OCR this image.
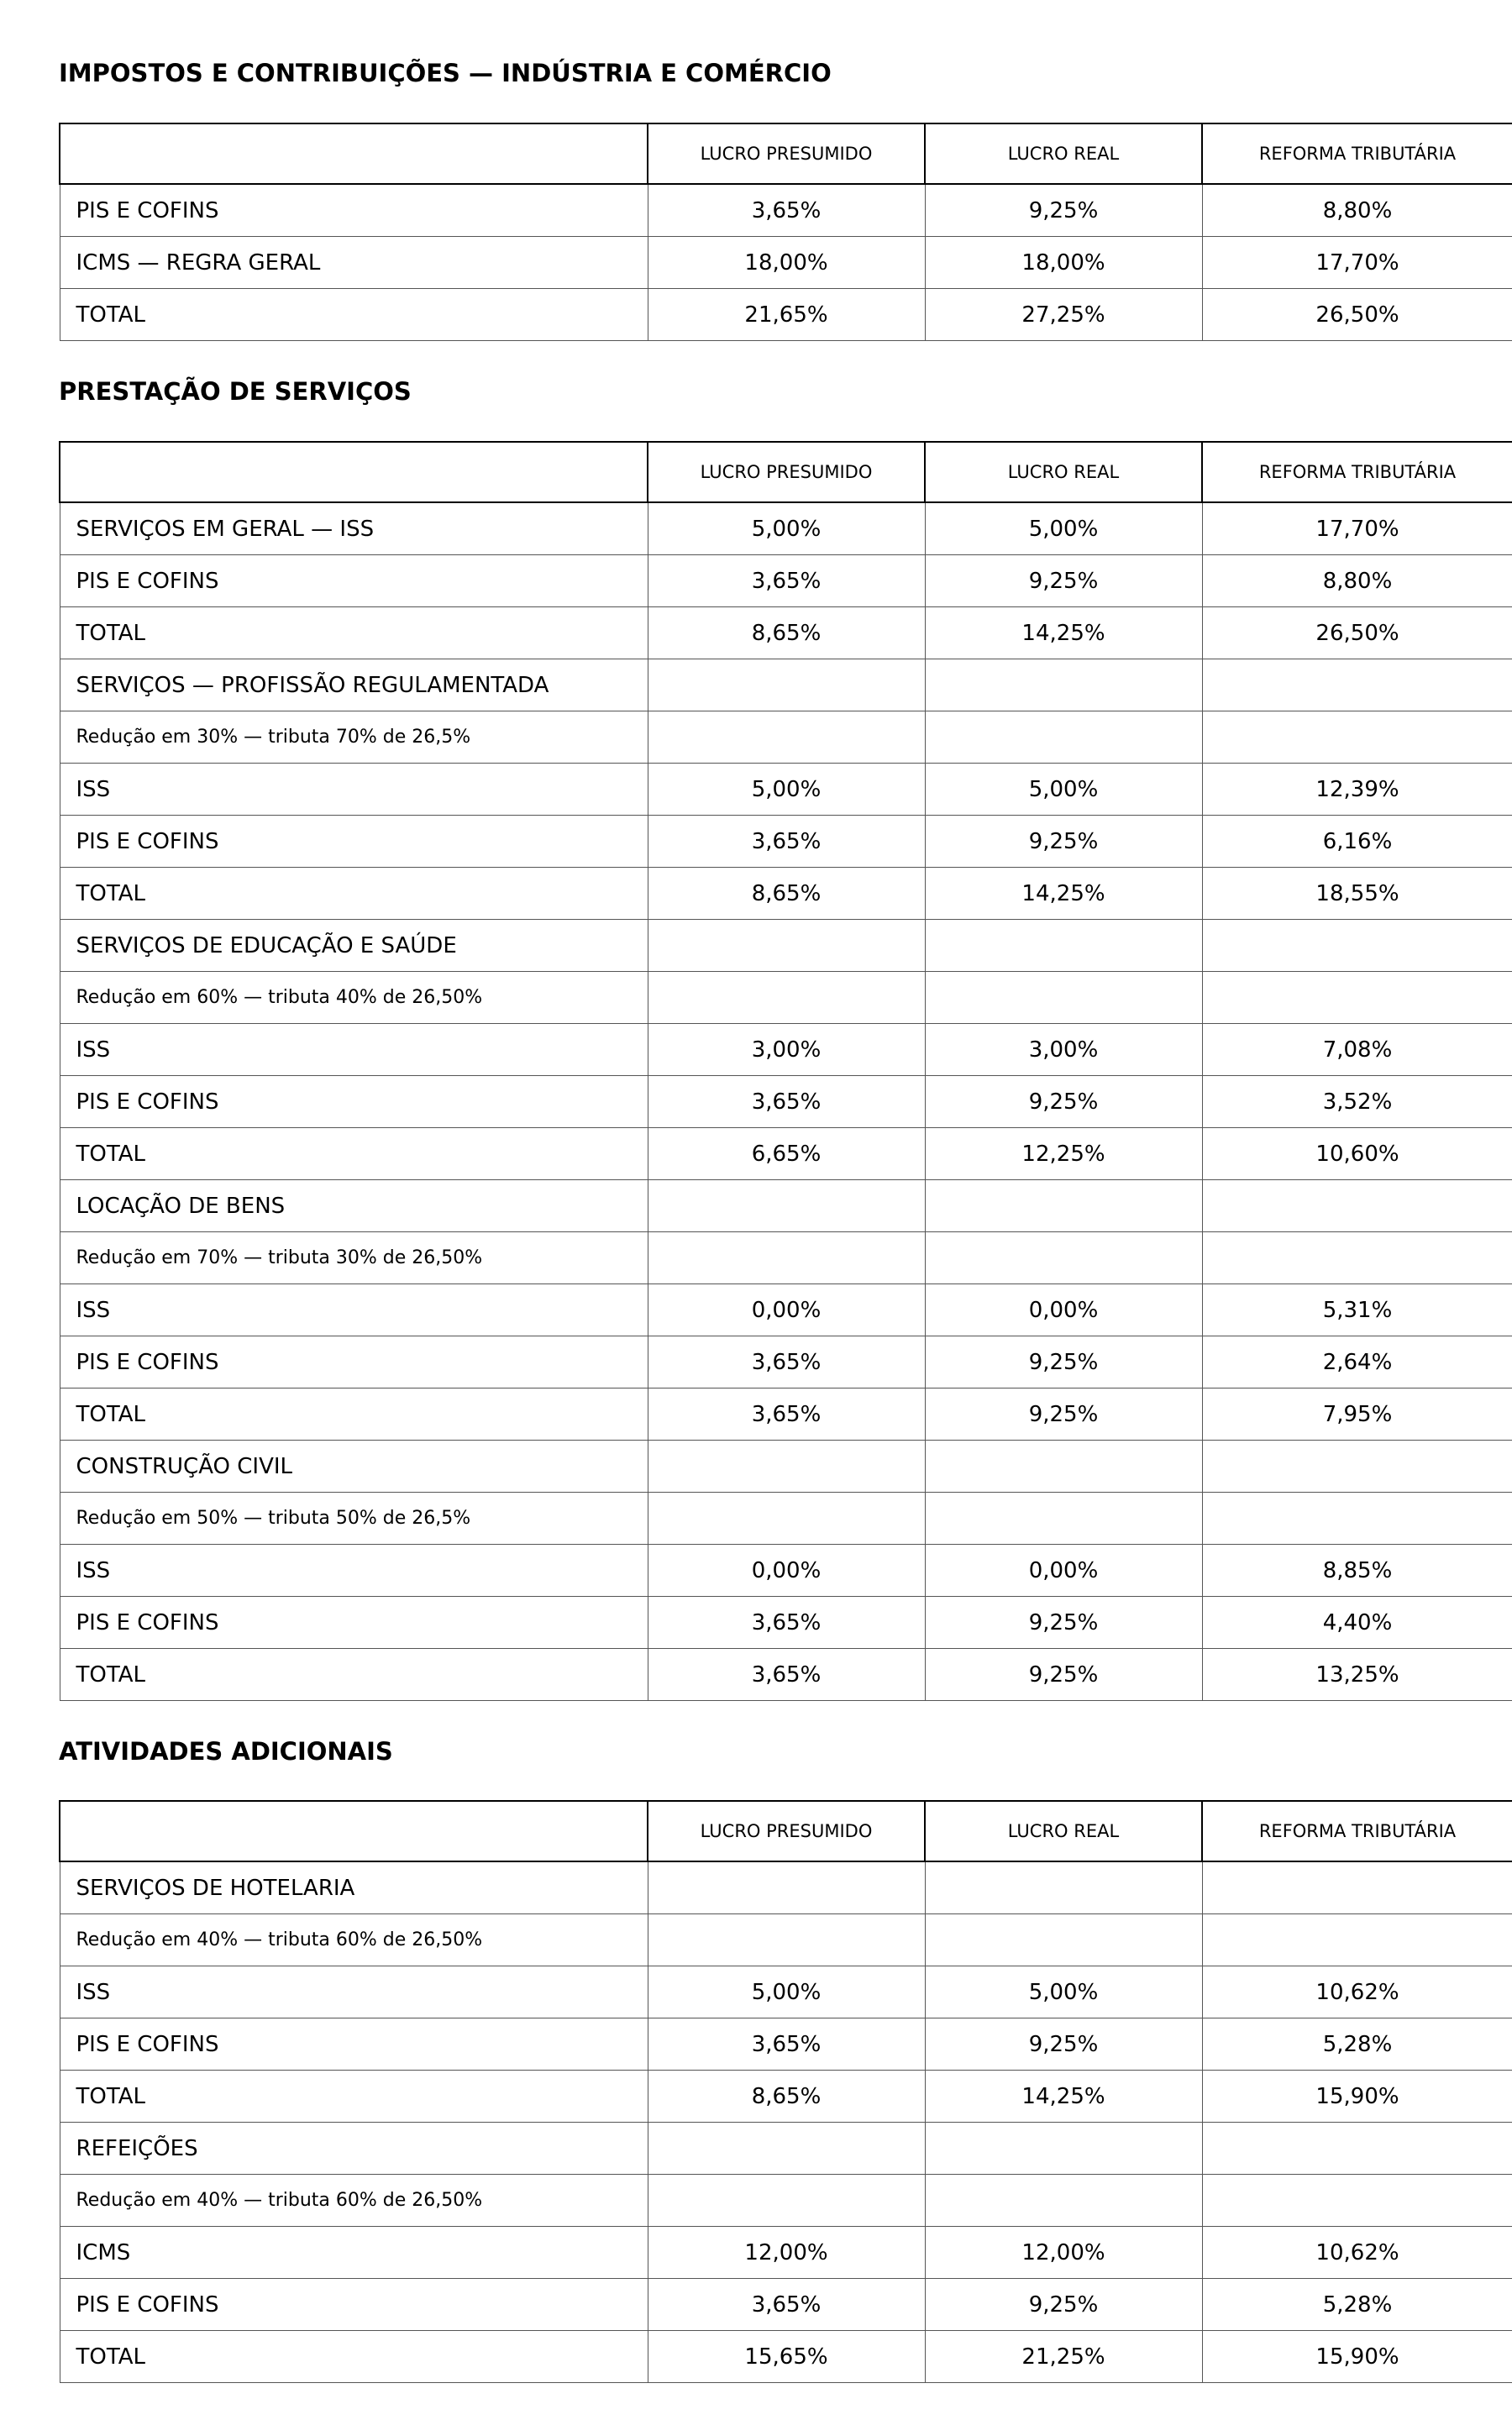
IMPOSTOS E CONTRIBUIÇÕES — INDÚSTRIA E COMÉRCIO
	LUCRO PRESUMIDO	LUCRO REAL	REFORMA TRIBUTÁRIA
PIS E COFINS	3,65%	9,25%	8,80%
ICMS — REGRA GERAL	18,00%	18,00%	17,70%
TOTAL	21,65%	27,25%	26,50%
PRESTAÇÃO DE SERVIÇOS
	LUCRO PRESUMIDO	LUCRO REAL	REFORMA TRIBUTÁRIA
SERVIÇOS EM GERAL — ISS	5,00%	5,00%	17,70%
PIS E COFINS	3,65%	9,25%	8,80%
TOTAL	8,65%	14,25%	26,50%
SERVIÇOS — PROFISSÃO REGULAMENTADA			
Redução em 30% — tributa 70% de 26,5%			
ISS	5,00%	5,00%	12,39%
PIS E COFINS	3,65%	9,25%	6,16%
TOTAL	8,65%	14,25%	18,55%
SERVIÇOS DE EDUCAÇÃO E SAÚDE			
Redução em 60% — tributa 40% de 26,50%			
ISS	3,00%	3,00%	7,08%
PIS E COFINS	3,65%	9,25%	3,52%
TOTAL	6,65%	12,25%	10,60%
LOCAÇÃO DE BENS			
Redução em 70% — tributa 30% de 26,50%			
ISS	0,00%	0,00%	5,31%
PIS E COFINS	3,65%	9,25%	2,64%
TOTAL	3,65%	9,25%	7,95%
CONSTRUÇÃO CIVIL			
Redução em 50% — tributa 50% de 26,5%			
ISS	0,00%	0,00%	8,85%
PIS E COFINS	3,65%	9,25%	4,40%
TOTAL	3,65%	9,25%	13,25%
ATIVIDADES ADICIONAIS
	LUCRO PRESUMIDO	LUCRO REAL	REFORMA TRIBUTÁRIA
SERVIÇOS DE HOTELARIA			
Redução em 40% — tributa 60% de 26,50%			
ISS	5,00%	5,00%	10,62%
PIS E COFINS	3,65%	9,25%	5,28%
TOTAL	8,65%	14,25%	15,90%
REFEIÇÕES			
Redução em 40% — tributa 60% de 26,50%			
ICMS	12,00%	12,00%	10,62%
PIS E COFINS	3,65%	9,25%	5,28%
TOTAL	15,65%	21,25%	15,90%
